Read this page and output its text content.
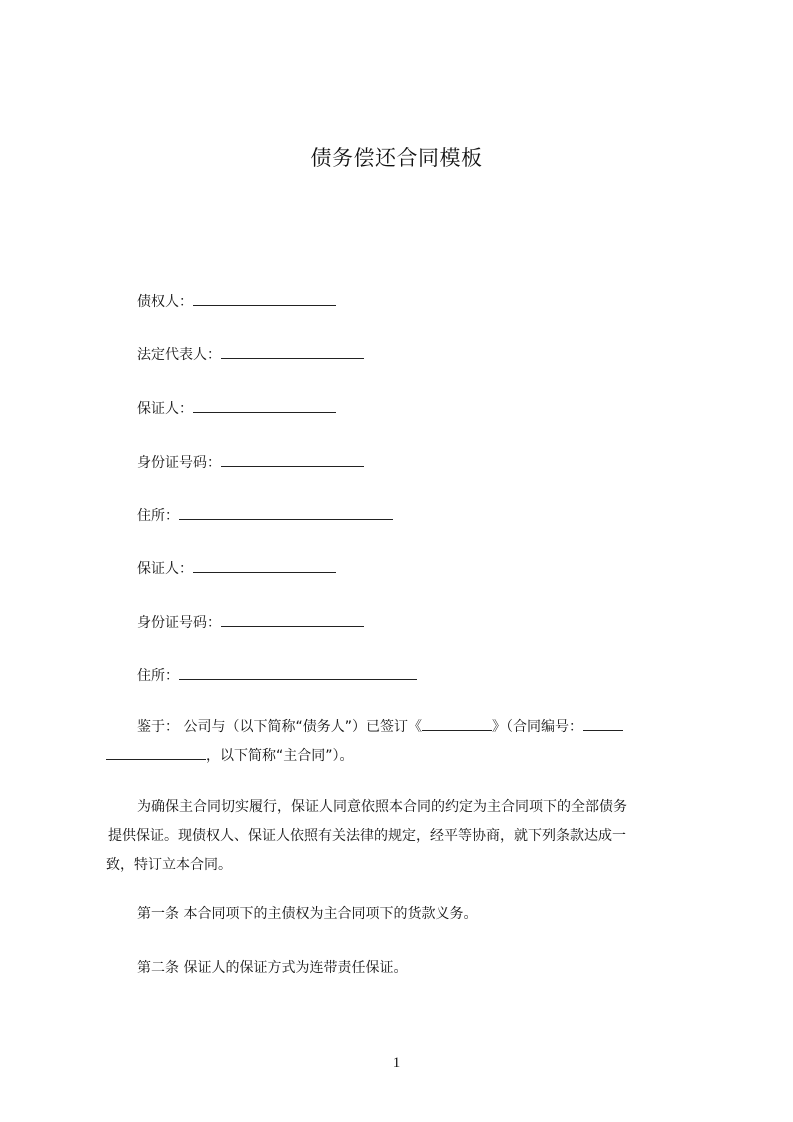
债务偿还合同模板
债权人：
法定代表人：
保证人：
身份证号码：
住所：
保证人：
身份证号码：
住所：
鉴于： 公司与（以下简称“债务人”）已签订《	》（合同编号：
，以下简称“主合同”）。
为确保主合同切实履行，保证人同意依照本合同的约定为主合同项下的全部债务
提供保证。现债权人、保证人依照有关法律的规定，经平等协商，就下列条款达成一
致，特订立本合同。
第一条 本合同项下的主债权为主合同项下的货款义务。
第二条 保证人的保证方式为连带责任保证。
1
